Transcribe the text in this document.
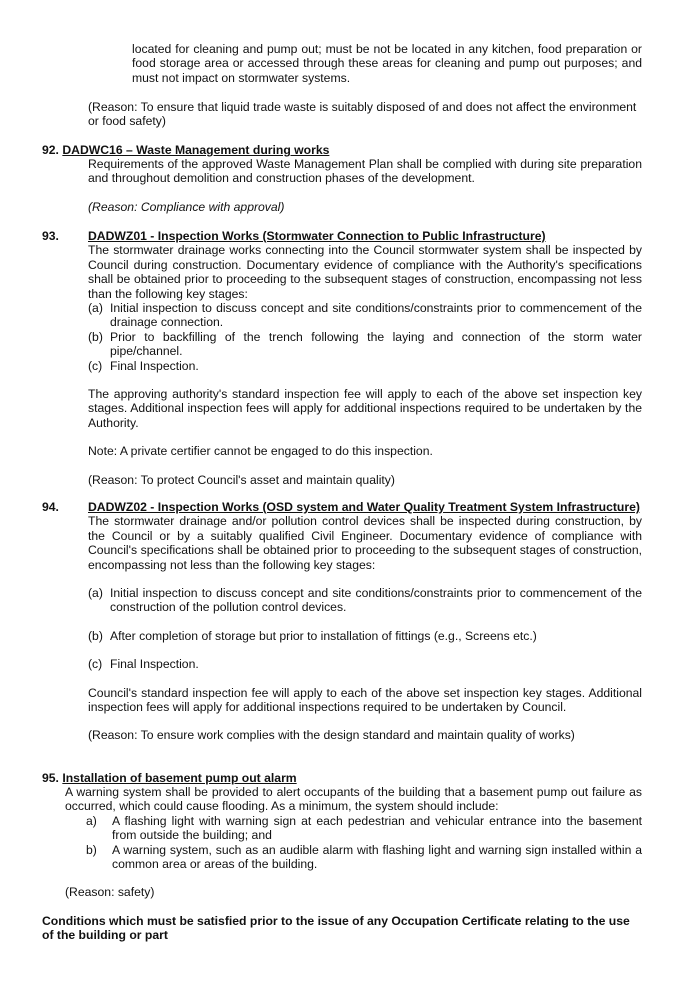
located for cleaning and pump out; must be not be located in any kitchen, food preparation or food storage area or accessed through these areas for cleaning and pump out purposes; and must not impact on stormwater systems.

(Reason: To ensure that liquid trade waste is suitably disposed of and does not affect the environment or food safety)

92. DADWC16 – Waste Management during works

Requirements of the approved Waste Management Plan shall be complied with during site preparation and throughout demolition and construction phases of the development.

(Reason: Compliance with approval)

93. DADWZ01 - Inspection Works (Stormwater Connection to Public Infrastructure)

The stormwater drainage works connecting into the Council stormwater system shall be inspected by Council during construction. Documentary evidence of compliance with the Authority's specifications shall be obtained prior to proceeding to the subsequent stages of construction, encompassing not less than the following key stages:

(a) Initial inspection to discuss concept and site conditions/constraints prior to commencement of the drainage connection.
(b) Prior to backfilling of the trench following the laying and connection of the storm water pipe/channel.
(c) Final Inspection.

The approving authority's standard inspection fee will apply to each of the above set inspection key stages. Additional inspection fees will apply for additional inspections required to be undertaken by the Authority.

Note: A private certifier cannot be engaged to do this inspection.

(Reason: To protect Council's asset and maintain quality)

94. DADWZ02 - Inspection Works (OSD system and Water Quality Treatment System Infrastructure)

The stormwater drainage and/or pollution control devices shall be inspected during construction, by the Council or by a suitably qualified Civil Engineer. Documentary evidence of compliance with Council's specifications shall be obtained prior to proceeding to the subsequent stages of construction, encompassing not less than the following key stages:

(a) Initial inspection to discuss concept and site conditions/constraints prior to commencement of the construction of the pollution control devices.
(b) After completion of storage but prior to installation of fittings (e.g., Screens etc.)
(c) Final Inspection.

Council's standard inspection fee will apply to each of the above set inspection key stages. Additional inspection fees will apply for additional inspections required to be undertaken by Council.

(Reason: To ensure work complies with the design standard and maintain quality of works)

95. Installation of basement pump out alarm

A warning system shall be provided to alert occupants of the building that a basement pump out failure as occurred, which could cause flooding. As a minimum, the system should include:

a) A flashing light with warning sign at each pedestrian and vehicular entrance into the basement from outside the building; and
b) A warning system, such as an audible alarm with flashing light and warning sign installed within a common area or areas of the building.

(Reason: safety)

Conditions which must be satisfied prior to the issue of any Occupation Certificate relating to the use of the building or part
